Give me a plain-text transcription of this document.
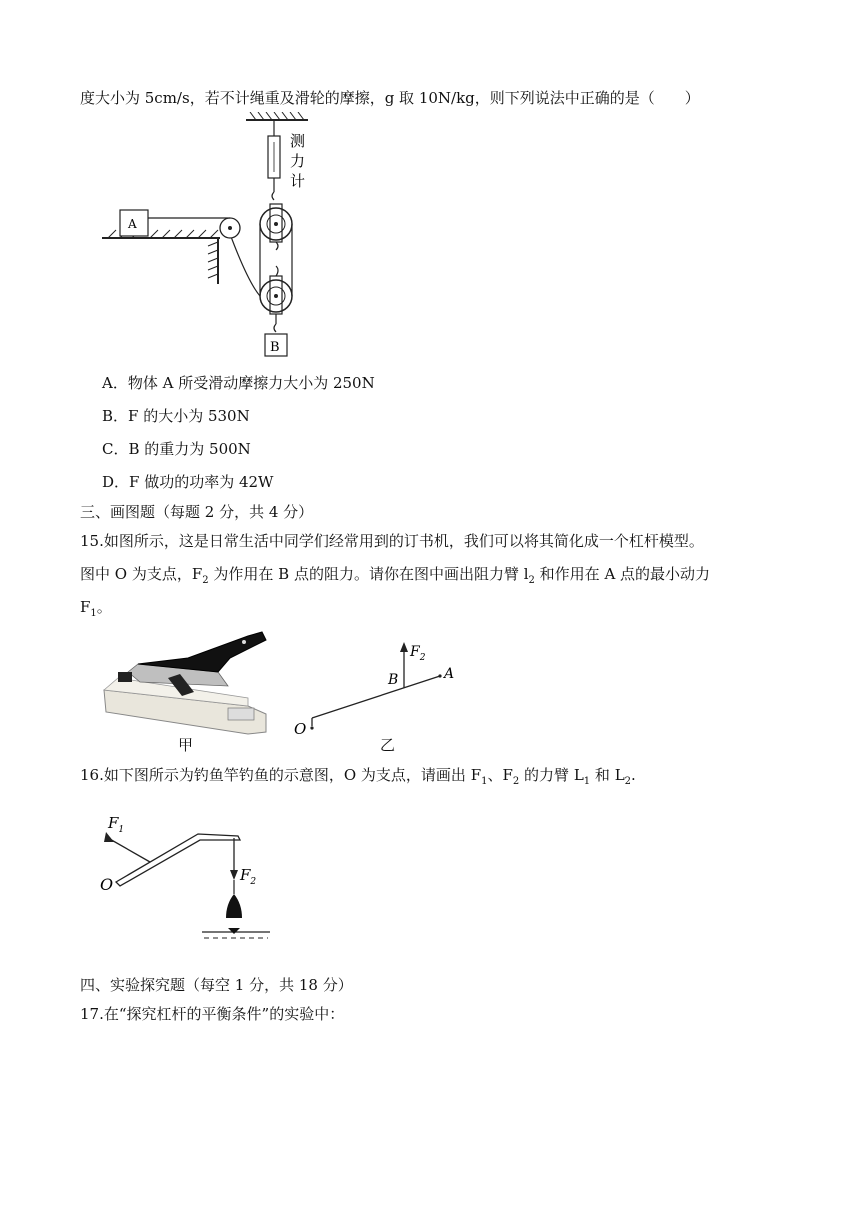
度大小为 5cm/s，若不计绳重及滑轮的摩擦，g 取 10N/kg，则下列说法中正确的是（　　）
测
力
计
B
A
A．物体 A 所受滑动摩擦力大小为 250N
B．F 的大小为 530N
C．B 的重力为 500N
D．F 做功的功率为 42W
三、画图题（每题 2 分，共 4 分）
15.如图所示，这是日常生活中同学们经常用到的订书机，我们可以将其简化成一个杠杆模型。
图中 O 为支点，$F_2$ 为作用在 B 点的阻力。请你在图中画出阻力臂 $l_2$ 和作用在 A 点的最小动力
$F_1$。
甲
O
$F_2$
B	A
乙
16.如下图所示为钓鱼竿钓鱼的示意图，O 为支点，请画出 $F_1$、$F_2$ 的力臂 $L_1$ 和 $L_2$.
$F_1$
O	$F_2$
四、实验探究题（每空 1 分，共 18 分）
17.在“探究杠杆的平衡条件”的实验中：
